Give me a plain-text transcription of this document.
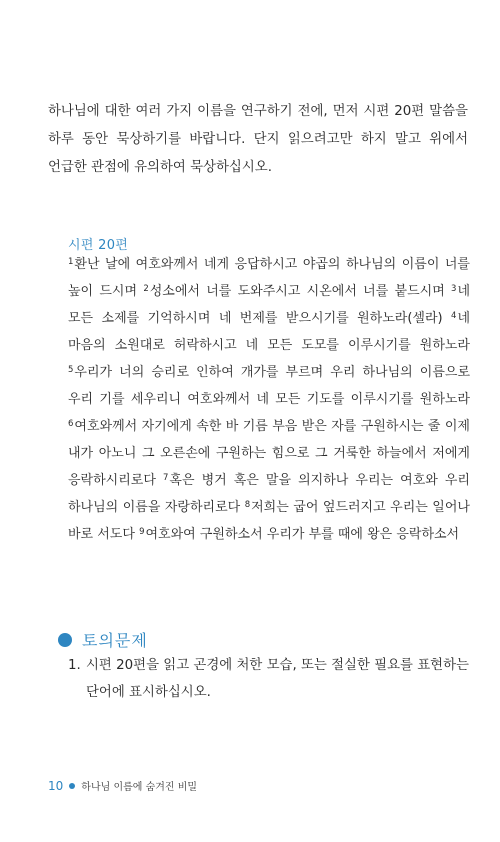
하나님에 대한 여러 가지 이름을 연구하기 전에, 먼저 시편 20편 말씀을 하루 동안 묵상하기를 바랍니다. 단지 읽으려고만 하지 말고 위에서 언급한 관점에 유의하여 묵상하십시오.

시편 20편
$^1$환난 날에 여호와께서 네게 응답하시고 야곱의 하나님의 이름이 너를 높이 드시며 $^2$성소에서 너를 도와주시고 시온에서 너를 붙드시며 $^3$네 모든 소제를 기억하시며 네 번제를 받으시기를 원하노라(셀라) $^4$네 마음의 소원대로 허락하시고 네 모든 도모를 이루시기를 원하노라 $^5$우리가 너의 승리로 인하여 개가를 부르며 우리 하나님의 이름으로 우리 기를 세우리니 여호와께서 네 모든 기도를 이루시기를 원하노라 $^6$여호와께서 자기에게 속한 바 기름 부음 받은 자를 구원하시는 줄 이제 내가 아노니 그 오른손에 구원하는 힘으로 그 거룩한 하늘에서 저에게 응락하시리로다 $^7$혹은 병거 혹은 말을 의지하나 우리는 여호와 우리 하나님의 이름을 자랑하리로다 $^8$저희는 굽어 엎드러지고 우리는 일어나 바로 서도다 $^9$여호와여 구원하소서 우리가 부를 때에 왕은 응락하소서
토의문제
1. 시편 20편을 읽고 곤경에 처한 모습, 또는 절실한 필요를 표현하는 단어에 표시하십시오.
10 하나님 이름에 숨겨진 비밀
